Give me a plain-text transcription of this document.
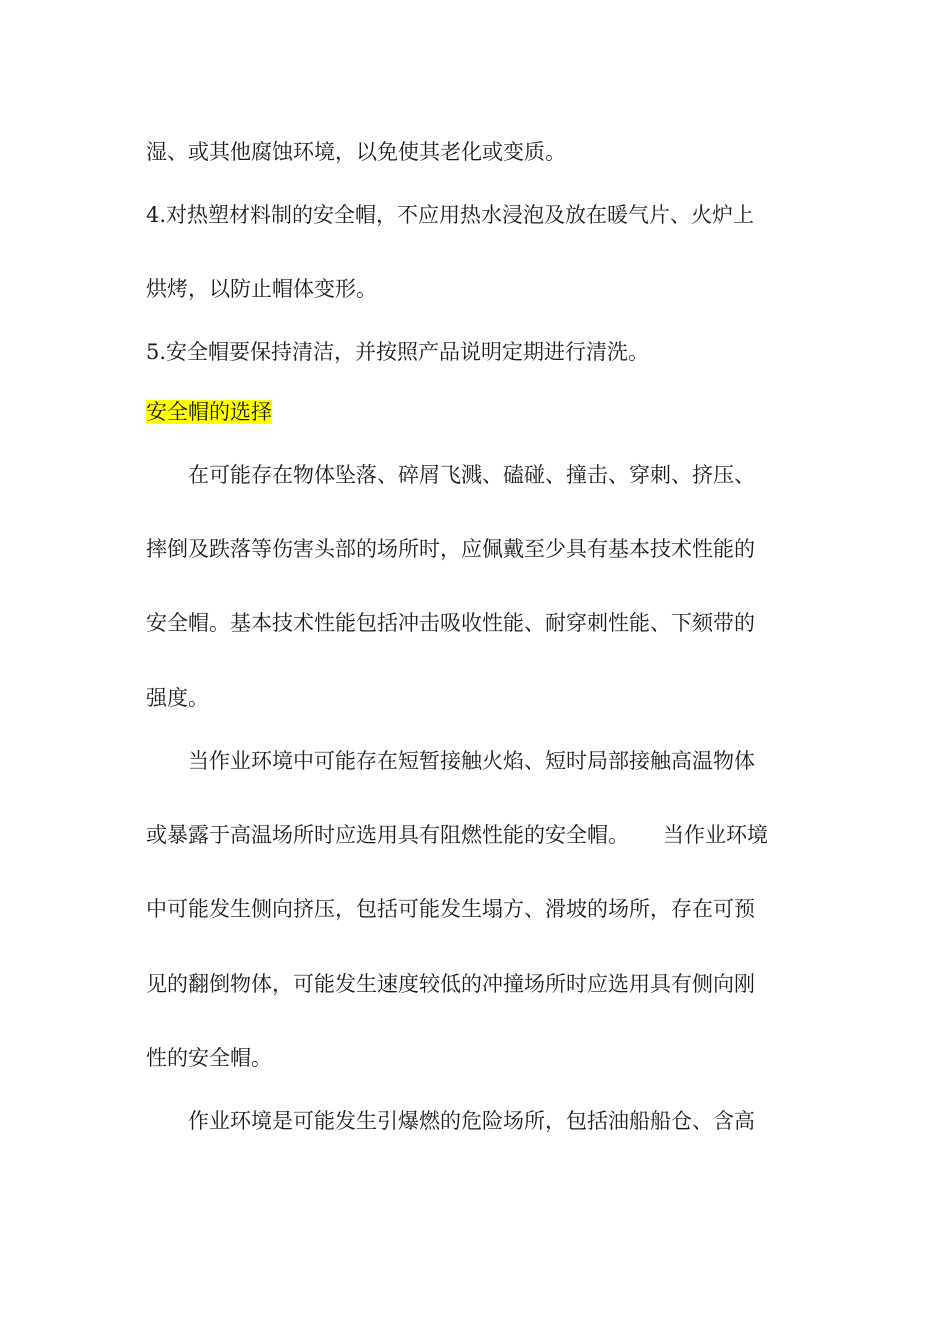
湿、或其他腐蚀环境，以免使其老化或变质。

4.对热塑材料制的安全帽，不应用热水浸泡及放在暖气片、火炉上

烘烤，以防止帽体变形。

5.安全帽要保持清洁，并按照产品说明定期进行清洗。

安全帽的选择

在可能存在物体坠落、碎屑飞溅、磕碰、撞击、穿刺、挤压、

摔倒及跌落等伤害头部的场所时，应佩戴至少具有基本技术性能的

安全帽。基本技术性能包括冲击吸收性能、耐穿刺性能、下颏带的

强度。

当作业环境中可能存在短暂接触火焰、短时局部接触高温物体

或暴露于高温场所时应选用具有阻燃性能的安全帽。 当作业环境

中可能发生侧向挤压，包括可能发生塌方、滑坡的场所，存在可预

见的翻倒物体，可能发生速度较低的冲撞场所时应选用具有侧向刚

性的安全帽。

作业环境是可能发生引爆燃的危险场所，包括油船船仓、含高
